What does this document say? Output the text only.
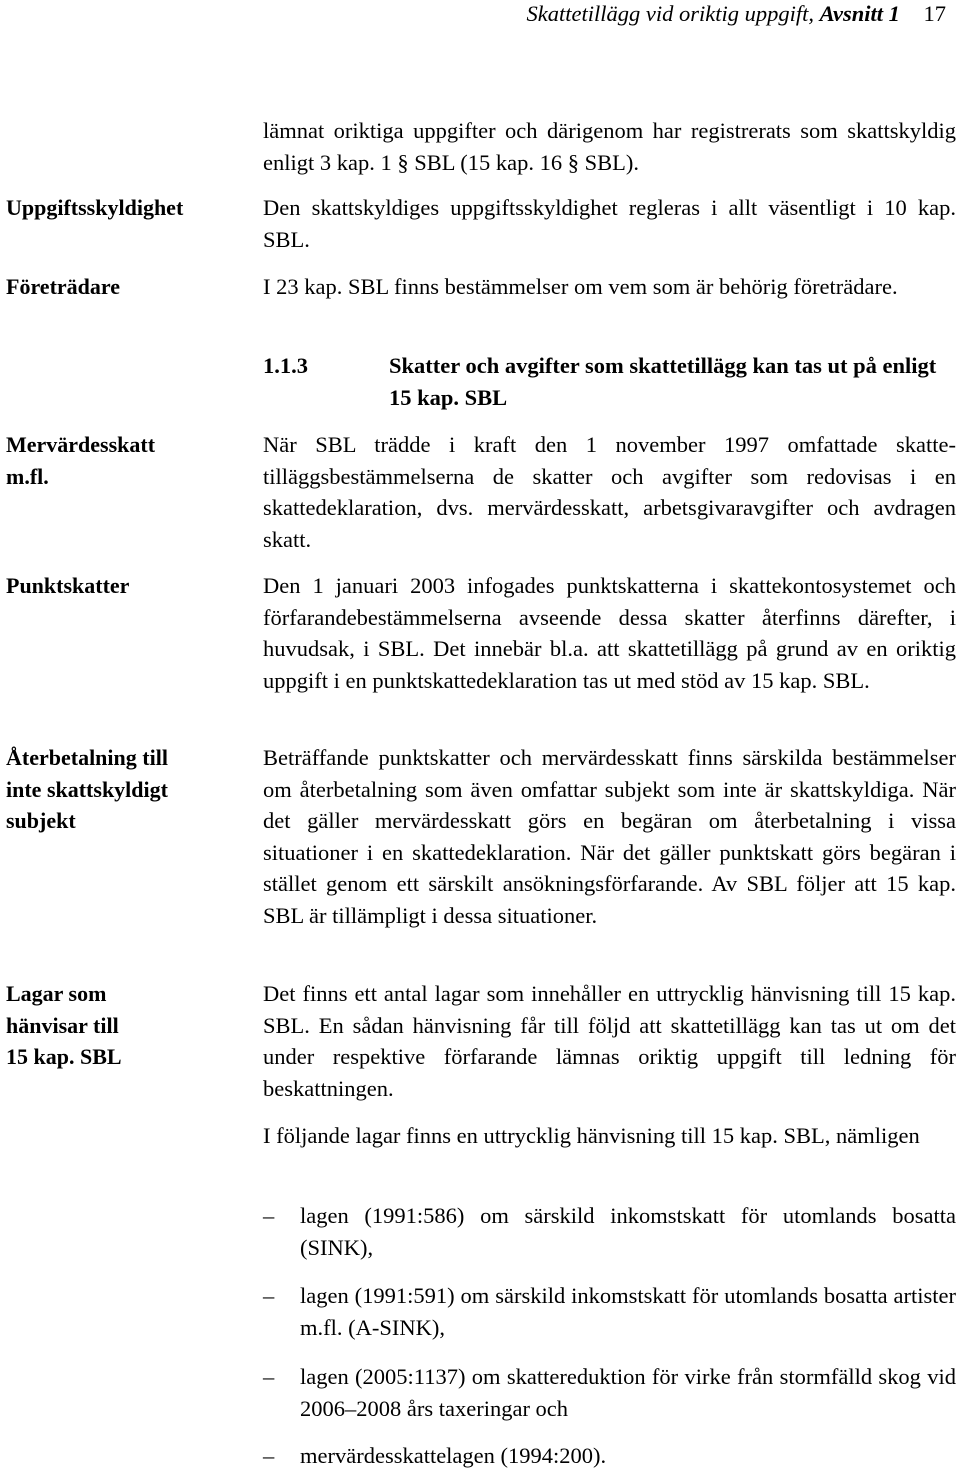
Skattetillägg vid oriktig uppgift, Avsnitt 1 17
Uppgiftsskyldighet
Företrädare
Mervärdesskatt
m.fl.
Punktskatter
Återbetalning till
inte skattskyldigt
subjekt
Lagar som
hänvisar till
15 kap. SBL

lämnat oriktiga uppgifter och därigenom har registrerats som skattskyldig enligt 3 kap. 1 § SBL (15 kap. 16 § SBL).

Den skattskyldiges uppgiftsskyldighet regleras i allt väsentligt i 10 kap. SBL.

I 23 kap. SBL finns bestämmelser om vem som är behörig företrädare.

1.1.3	Skatter och avgifter som skattetillägg kan tas ut på enligt 15 kap. SBL

När SBL trädde i kraft den 1 november 1997 omfattade skattetilläggsbestämmelserna de skatter och avgifter som redovisas i en skattedeklaration, dvs. mervärdesskatt, arbetsgivaravgifter och avdragen skatt.

Den 1 januari 2003 infogades punktskatterna i skattekontosystemet och förfarandebestämmelserna avseende dessa skatter återfinns därefter, i huvudsak, i SBL. Det innebär bl.a. att skattetillägg på grund av en oriktig uppgift i en punktskattedeklaration tas ut med stöd av 15 kap. SBL.

Beträffande punktskatter och mervärdesskatt finns särskilda bestämmelser om återbetalning som även omfattar subjekt som inte är skattskyldiga. När det gäller mervärdesskatt görs en begäran om återbetalning i vissa situationer i en skattedeklaration. När det gäller punktskatt görs begäran i stället genom ett särskilt ansökningsförfarande. Av SBL följer att 15 kap. SBL är tillämpligt i dessa situationer.

Det finns ett antal lagar som innehåller en uttrycklig hänvisning till 15 kap. SBL. En sådan hänvisning får till följd att skattetillägg kan tas ut om det under respektive förfarande lämnas oriktig uppgift till ledning för beskattningen.

I följande lagar finns en uttrycklig hänvisning till 15 kap. SBL, nämligen

– lagen (1991:586) om särskild inkomstskatt för utomlands bosatta (SINK),
– lagen (1991:591) om särskild inkomstskatt för utomlands bosatta artister m.fl. (A-SINK),
– lagen (2005:1137) om skattereduktion för virke från stormfälld skog vid 2006–2008 års taxeringar och
– mervärdesskattelagen (1994:200).
